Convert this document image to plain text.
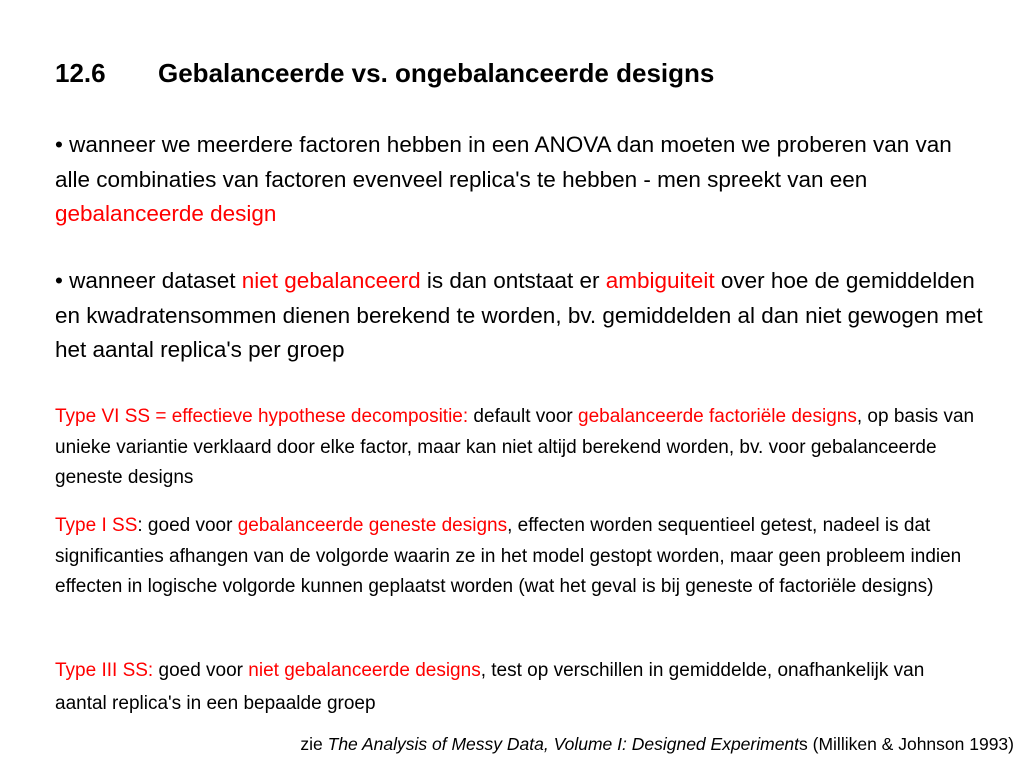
12.6 Gebalanceerde vs. ongebalanceerde designs
• wanneer we meerdere factoren hebben in een ANOVA dan moeten we proberen van van alle combinaties van factoren evenveel replica's te hebben - men spreekt van een gebalanceerde design
• wanneer dataset niet gebalanceerd is dan ontstaat er ambiguiteit over hoe de gemiddelden en kwadratensommen dienen berekend te worden, bv. gemiddelden al dan niet gewogen met het aantal replica's per groep
Type VI SS = effectieve hypothese decompositie: default voor gebalanceerde factoriële designs, op basis van unieke variantie verklaard door elke factor, maar kan niet altijd berekend worden, bv. voor gebalanceerde geneste designs
Type I SS: goed voor gebalanceerde geneste designs, effecten worden sequentieel getest, nadeel is dat significanties afhangen van de volgorde waarin ze in het model gestopt worden, maar geen probleem indien effecten in logische volgorde kunnen geplaatst worden (wat het geval is bij geneste of factoriële designs)
Type III SS: goed voor niet gebalanceerde designs, test op verschillen in gemiddelde, onafhankelijk van aantal replica's in een bepaalde groep
zie The Analysis of Messy Data, Volume I: Designed Experiments (Milliken & Johnson 1993)
